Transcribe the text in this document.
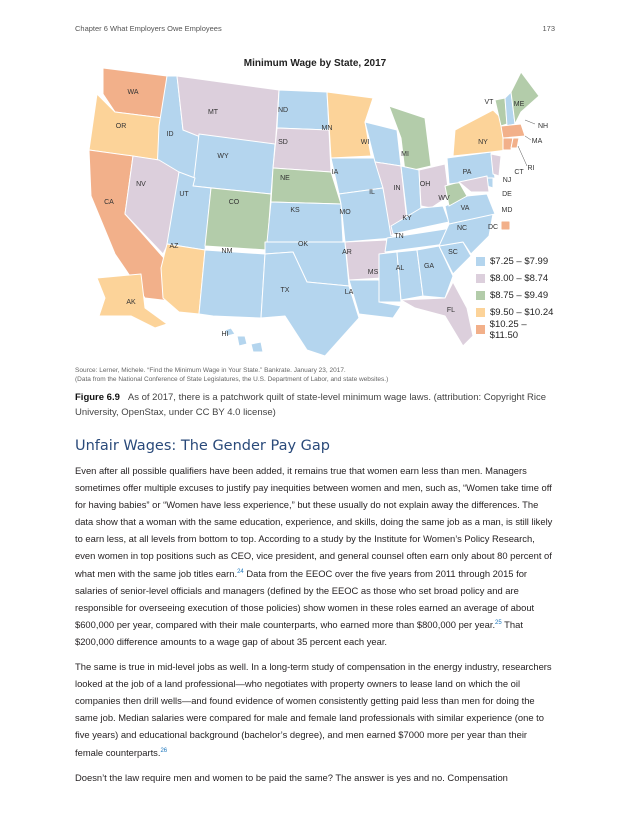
Chapter 6 What Employers Owe Employees	173
WA
OR
CA
ID
NV
MT
WY
UT
AZ
CO
NM
ND
SD
NE
KS
OK
TX
MN
IA
MO
AR
LA
WI
MI
IL
IN
OH
KY
TN
MS
AL	GA
FL
SC
NC
VA
WV
PA
NY
VT	ME
NH
MA
RI
CT
NJ
DE
MD
DC
AK
HI
Minimum Wage by State, 2017
$7.25 – $7.99
$8.00 – $8.74
$8.75 – $9.49
$9.50 – $10.24
$10.25 – $11.50
Source: Lerner, Michele. “Find the Minimum Wage in Your State.” Bankrate. January 23, 2017.
(Data from the National Conference of State Legislatures, the U.S. Department of Labor, and state websites.)
Figure 6.9 As of 2017, there is a patchwork quilt of state-level minimum wage laws. (attribution: Copyright Rice University, OpenStax, under CC BY 4.0 license)
Unfair Wages: The Gender Pay Gap

Even after all possible qualifiers have been added, it remains true that women earn less than men. Managers sometimes offer multiple excuses to justify pay inequities between women and men, such as, “Women take time off for having babies” or “Women have less experience,” but these usually do not explain away the differences. The data show that a woman with the same education, experience, and skills, doing the same job as a man, is still likely to earn less, at all levels from bottom to top. According to a study by the Institute for Women’s Policy Research, even women in top positions such as CEO, vice president, and general counsel often earn only about 80 percent of what men with the same job titles earn.$^{24}$ Data from the EEOC over the five years from 2011 through 2015 for salaries of senior-level officials and managers (defined by the EEOC as those who set broad policy and are responsible for overseeing execution of those policies) show women in these roles earned an average of about $600,000 per year, compared with their male counterparts, who earned more than $800,000 per year.$^{25}$ That $200,000 difference amounts to a wage gap of about 35 percent each year.

The same is true in mid-level jobs as well. In a long-term study of compensation in the energy industry, researchers looked at the job of a land professional—who negotiates with property owners to lease land on which the oil companies then drill wells—and found evidence of women consistently getting paid less than men for doing the same job. Median salaries were compared for male and female land professionals with similar experience (one to five years) and educational background (bachelor’s degree), and men earned $7000 more per year than their female counterparts.$^{26}$

Doesn’t the law require men and women to be paid the same? The answer is yes and no. Compensation
